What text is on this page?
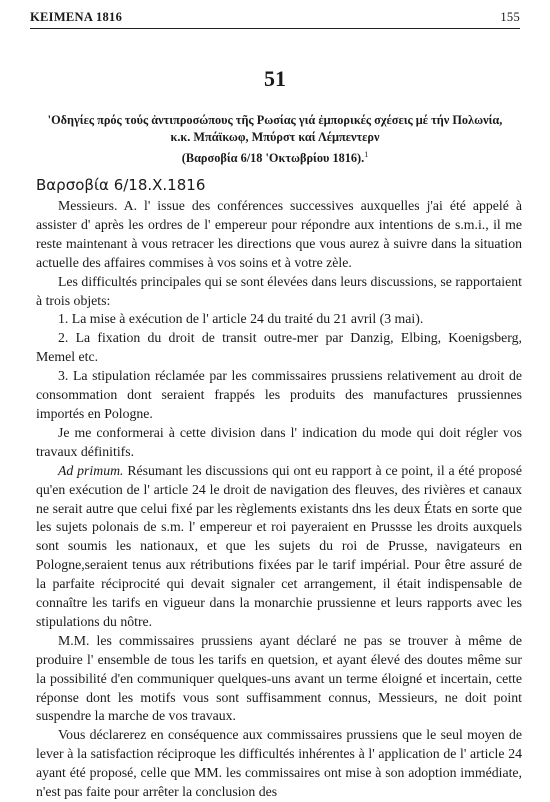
ΚΕΙΜΕΝΑ 1816	155
51
'Οδηγίες πρός τούς ἀντιπροσώπους τῆς Ρωσίας γιά ἐμπορικές σχέσεις μέ τήν Πολωνία,
κ.κ. Μπάϊκωφ, Μπύρστ καί Λέμπεντερν
(Βαρσοβία 6/18 'Οκτωβρίου 1816).$^1$
Βαρσοβία 6/18.Χ.1816

Messieurs. A. l' issue des conférences successives auxquelles j'ai été appelé à assister d' après les ordres de l' empereur pour répondre aux intentions de s.m.i., il me reste maintenant à vous retracer les directions que vous aurez à suivre dans la situation actuelle des affaires commises à vos soins et à votre zèle.

Les difficultés principales qui se sont élevées dans leurs discussions, se rapportaient à trois objets:

1. La mise à exécution de l' article 24 du traité du 21 avril (3 mai).

2. La fixation du droit de transit outre-mer par Danzig, Elbing, Koenigsberg, Memel etc.

3. La stipulation réclamée par les commissaires prussiens relativement au droit de consommation dont seraient frappés les produits des manufactures prussiennes importés en Pologne.

Je me conformerai à cette division dans l' indication du mode qui doit régler vos travaux définitifs.

Ad primum. Résumant les discussions qui ont eu rapport à ce point, il a été proposé qu'en exécution de l' article 24 le droit de navigation des fleuves, des rivières et canaux ne serait autre que celui fixé par les règlements existants dns les deux États en sorte que les sujets polonais de s.m. l' empereur et roi payeraient en Prussse les droits auxquels sont soumis les nationaux, et que les sujets du roi de Prusse, navigateurs en Pologne,seraient tenus aux rétributions fixées par le tarif impérial. Pour être assuré de la parfaite réciprocité qui devait signaler cet arrangement, il était indispensable de connaître les tarifs en vigueur dans la monarchie prussienne et leurs rapports avec les stipulations du nôtre.

M.M. les commissaires prussiens ayant déclaré ne pas se trouver à même de produire l' ensemble de tous les tarifs en quetsion, et ayant élevé des doutes même sur la possibilité d'en communiquer quelques-uns avant un terme éloigné et incertain, cette réponse dont les motifs vous sont suffisamment connus, Messieurs, ne doit point suspendre la marche de vos travaux.

Vous déclarerez en conséquence aux commissaires prussiens que le seul moyen de lever à la satisfaction réciproque les difficultés inhérentes à l' application de l' article 24 ayant été proposé, celle que MM. les commissaires ont mise à son adoption immédiate, n'est pas faite pour arrêter la conclusion des
